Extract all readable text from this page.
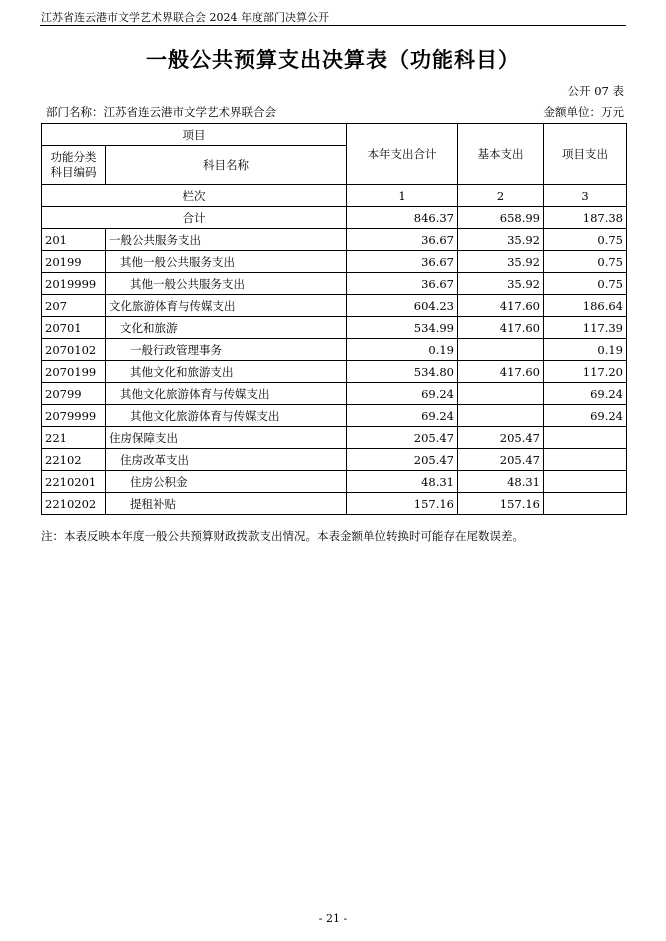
江苏省连云港市文学艺术界联合会 2024 年度部门决算公开
一般公共预算支出决算表（功能科目）
公开 07 表
部门名称：江苏省连云港市文学艺术界联合会	金额单位：万元
项目		本年支出合计	基本支出	项目支出

功能分类
科目编码	科目名称			
栏次		1	2	3
合计		846.37	658.99	187.38
201	一般公共服务支出	36.67	35.92	0.75
20199	其他一般公共服务支出	36.67	35.92	0.75
2019999	其他一般公共服务支出	36.67	35.92	0.75
207	文化旅游体育与传媒支出	604.23	417.60	186.64
20701	文化和旅游	534.99	417.60	117.39
2070102	一般行政管理事务	0.19		0.19
2070199	其他文化和旅游支出	534.80	417.60	117.20
20799	其他文化旅游体育与传媒支出	69.24		69.24
2079999	其他文化旅游体育与传媒支出	69.24		69.24
221	住房保障支出	205.47	205.47	
22102	住房改革支出	205.47	205.47	
2210201	住房公积金	48.31	48.31	
2210202	提租补贴	157.16	157.16	
注：本表反映本年度一般公共预算财政拨款支出情况。本表金额单位转换时可能存在尾数误差。
- 21 -
